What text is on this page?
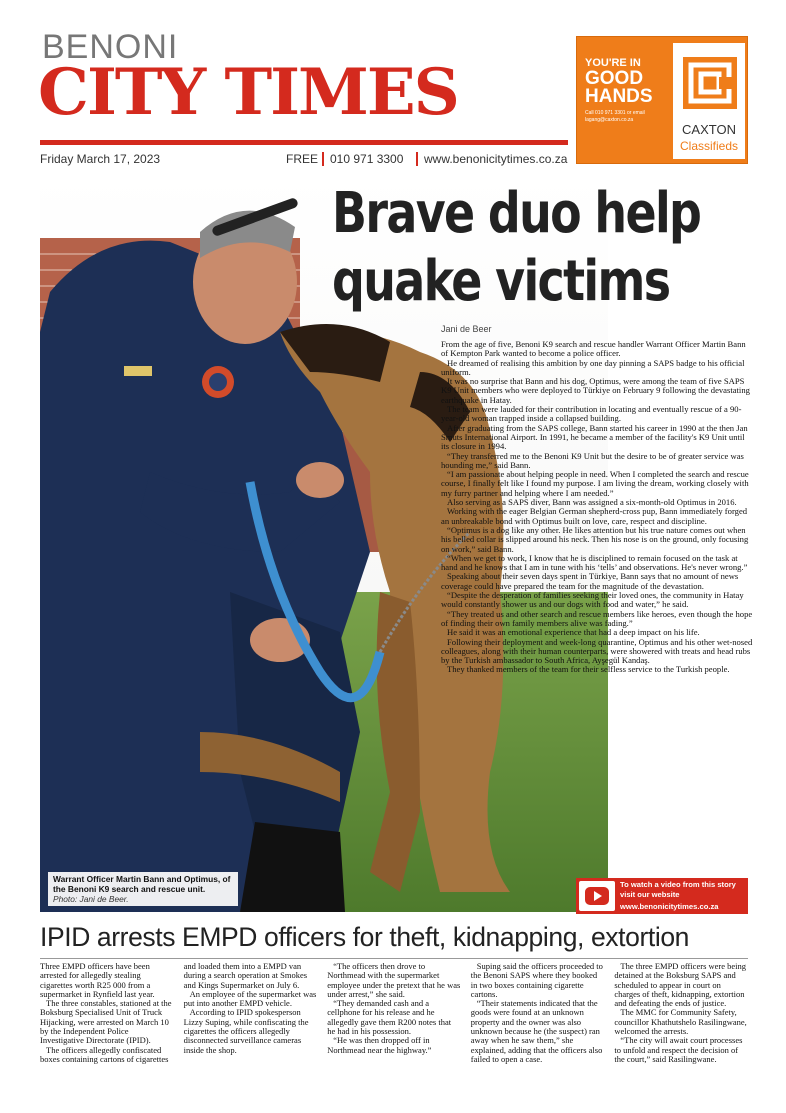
BENONI
CITY TIMES
Friday March 17, 2023	FREE 010 971 3300	www.benonicitytimes.co.za
YOU'RE IN
GOOD
HANDS
Call 010 971 3301 or email
lagang@caxton.co.za
CAXTON
Classifieds
Brave duo help
quake victims
Jani de Beer

From the age of five, Benoni K9 search and rescue handler Warrant Officer Martin Bann of Kempton Park wanted to become a police officer.

He dreamed of realising this ambition by one day pinning a SAPS badge to his official uniform.

It was no surprise that Bann and his dog, Optimus, were among the team of five SAPS K9 Unit members who were deployed to Türkiye on February 9 following the devastating earthquake in Hatay.

The team were lauded for their contribution in locating and eventually rescue of a 90-year-old woman trapped inside a collapsed building.

After graduating from the SAPS college, Bann started his career in 1990 at the then Jan Smuts International Airport. In 1991, he became a member of the facility's K9 Unit until its closure in 1994.

“They transferred me to the Benoni K9 Unit but the desire to be of greater service was hounding me,” said Bann.

“I am passionate about helping people in need. When I completed the search and rescue course, I finally felt like I found my purpose. I am living the dream, working closely with my furry partner and helping where I am needed.”

Also serving as a SAPS diver, Bann was assigned a six-month-old Optimus in 2016.

Working with the eager Belgian German shepherd-cross pup, Bann immediately forged an unbreakable bond with Optimus built on love, care, respect and discipline.

“Optimus is a dog like any other. He likes attention but his true nature comes out when his belled collar is slipped around his neck. Then his nose is on the ground, only focusing on work,” said Bann.

“When we get to work, I know that he is disciplined to remain focused on the task at hand and he knows that I am in tune with his ‘tells’ and observations. He's never wrong.”

Speaking about their seven days spent in Türkiye, Bann says that no amount of news coverage could have prepared the team for the magnitude of the devastation.

“Despite the desperation of families seeking their loved ones, the community in Hatay would constantly shower us and our dogs with food and water,” he said.

“They treated us and other search and rescue members like heroes, even though the hope of finding their own family members alive was fading.”

He said it was an emotional experience that had a deep impact on his life.

Following their deployment and week-long quarantine, Optimus and his other wet-nosed colleagues, along with their human counterparts, were showered with treats and head rubs by the Turkish ambassador to South Africa, Ayşegül Kandaş.

They thanked members of the team for their selfless service to the Turkish people.

Warrant Officer Martin Bann and Optimus, of the Benoni K9 search and rescue unit.
Photo: Jani de Beer.
To watch a video from this story visit our website
www.benonicitytimes.co.za
IPID arrests EMPD officers for theft, kidnapping, extortion

Three EMPD officers have been arrested for allegedly stealing cigarettes worth R25 000 from a supermarket in Rynfield last year.

The three constables, stationed at the Boksburg Specialised Unit of Truck Hijacking, were arrested on March 10 by the Independent Police Investigative Directorate (IPID).

The officers allegedly confiscated boxes containing cartons of cigarettes and loaded them into a EMPD van during a search operation at Smokes and Kings Supermarket on July 6.

An employee of the supermarket was put into another EMPD vehicle.

According to IPID spokesperson Lizzy Suping, while confiscating the cigarettes the officers allegedly disconnected surveillance cameras inside the shop.

“The officers then drove to Northmead with the supermarket employee under the pretext that he was under arrest,” she said.

“They demanded cash and a cellphone for his release and he allegedly gave them R200 notes that he had in his possession.

“He was then dropped off in Northmead near the highway.”

Suping said the officers proceeded to the Benoni SAPS where they booked in two boxes containing cigarette cartons.

“Their statements indicated that the goods were found at an unknown property and the owner was also unknown because he (the suspect) ran away when he saw them,” she explained, adding that the officers also failed to open a case.

The three EMPD officers were being detained at the Boksburg SAPS and scheduled to appear in court on charges of theft, kidnapping, extortion and defeating the ends of justice.

The MMC for Community Safety, councillor Khathutshelo Rasilingwane, welcomed the arrests.

“The city will await court processes to unfold and respect the decision of the court,” said Rasilingwane.
